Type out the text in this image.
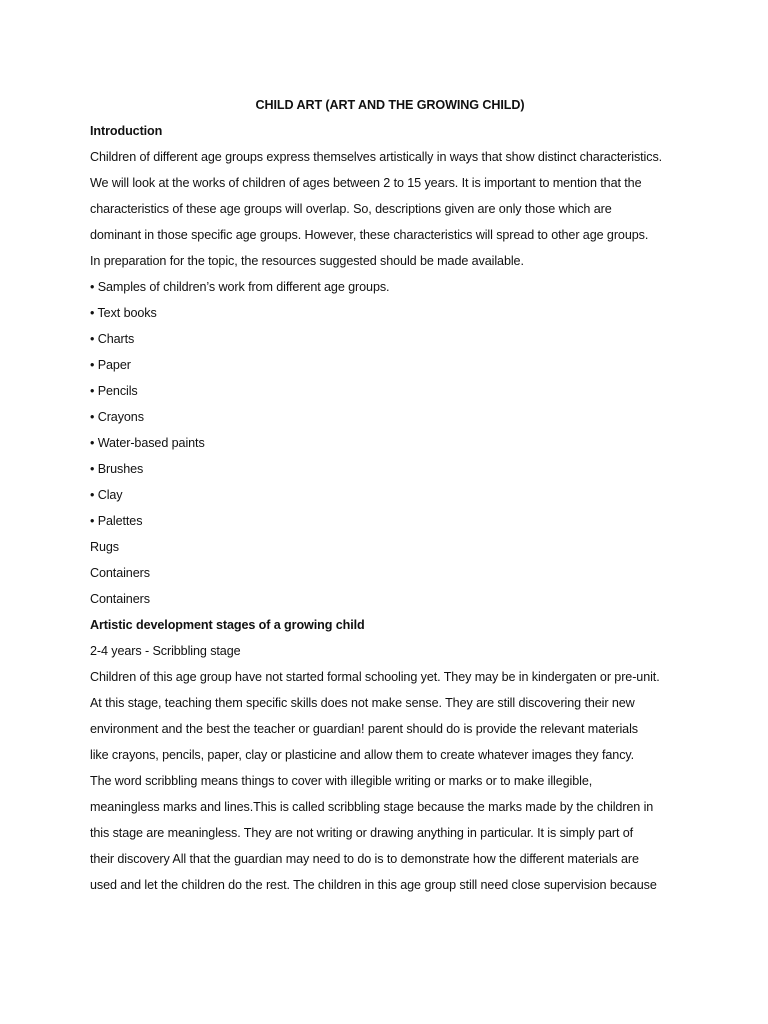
CHILD ART (ART AND THE GROWING CHILD)
Introduction
Children of different age groups express themselves artistically in ways that show distinct characteristics.
We will look at the works of children of ages between 2 to 15 years. It is important to mention that the
characteristics of these age groups will overlap. So, descriptions given are only those which are
dominant in those specific age groups. However, these characteristics will spread to other age groups.
In preparation for the topic, the resources suggested should be made available.
• Samples of children’s work from different age groups.
• Text books
• Charts
• Paper
• Pencils
• Crayons
• Water-based paints
• Brushes
• Clay
• Palettes
Rugs
Containers
Containers
Artistic development stages of a growing child
2-4 years - Scribbling stage
Children of this age group have not started formal schooling yet. They may be in kindergaten or pre-unit.
At this stage, teaching them specific skills does not make sense. They are still discovering their new
environment and the best the teacher or guardian! parent should do is provide the relevant materials
like crayons, pencils, paper, clay or plasticine and allow them to create whatever images they fancy.
The word scribbling means things to cover with illegible writing or marks or to make illegible,
meaningless marks and lines.This is called scribbling stage because the marks made by the children in
this stage are meaningless. They are not writing or drawing anything in particular. It is simply part of
their discovery All that the guardian may need to do is to demonstrate how the different materials are
used and let the children do the rest. The children in this age group still need close supervision because
